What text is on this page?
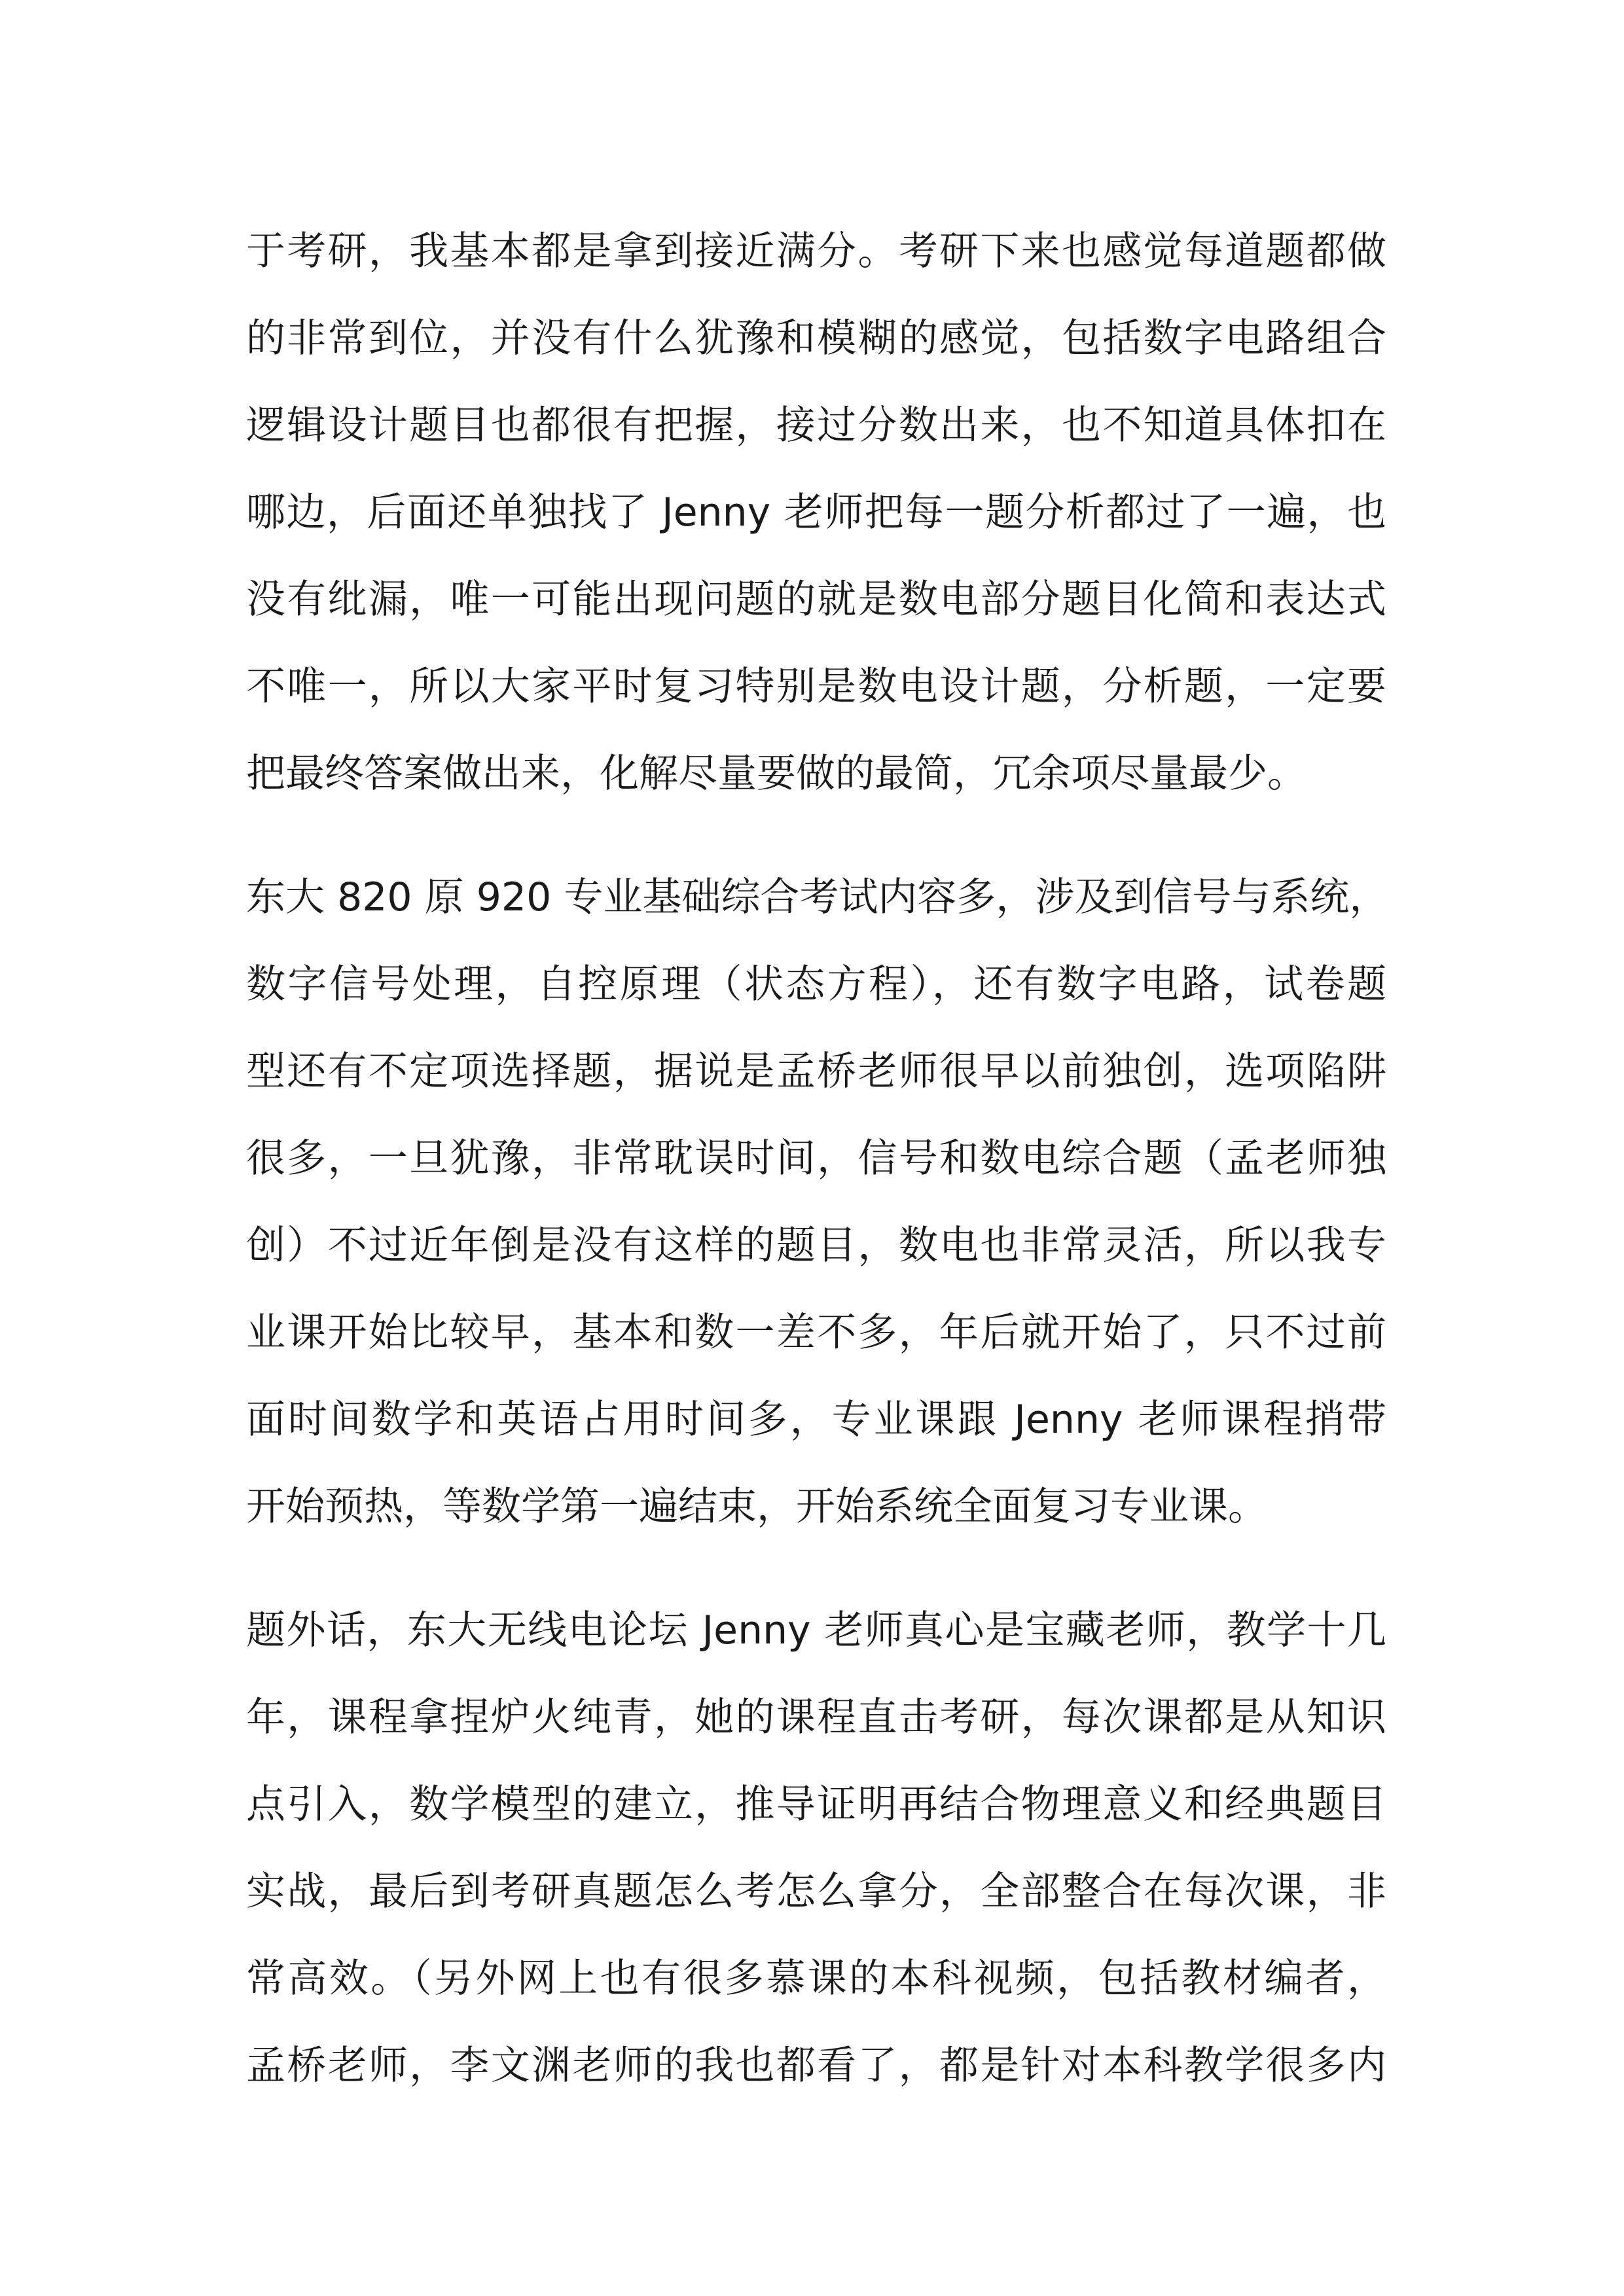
于考研，我基本都是拿到接近满分。考研下来也感觉每道题都做
的非常到位，并没有什么犹豫和模糊的感觉，包括数字电路组合
逻辑设计题目也都很有把握，接过分数出来，也不知道具体扣在
哪边，后面还单独找了 Jenny 老师把每一题分析都过了一遍，也
没有纰漏，唯一可能出现问题的就是数电部分题目化简和表达式
不唯一，所以大家平时复习特别是数电设计题，分析题，一定要
把最终答案做出来，化解尽量要做的最简，冗余项尽量最少。
东大 820 原 920 专业基础综合考试内容多，涉及到信号与系统，
数字信号处理，自控原理（状态方程），还有数字电路，试卷题
型还有不定项选择题，据说是孟桥老师很早以前独创，选项陷阱
很多，一旦犹豫，非常耽误时间，信号和数电综合题（孟老师独
创）不过近年倒是没有这样的题目，数电也非常灵活，所以我专
业课开始比较早，基本和数一差不多，年后就开始了，只不过前
面时间数学和英语占用时间多，专业课跟 Jenny 老师课程捎带
开始预热，等数学第一遍结束，开始系统全面复习专业课。
题外话，东大无线电论坛 Jenny 老师真心是宝藏老师，教学十几
年，课程拿捏炉火纯青，她的课程直击考研，每次课都是从知识
点引入，数学模型的建立，推导证明再结合物理意义和经典题目
实战，最后到考研真题怎么考怎么拿分，全部整合在每次课，非
常高效。（另外网上也有很多慕课的本科视频，包括教材编者，
孟桥老师，李文渊老师的我也都看了，都是针对本科教学很多内
